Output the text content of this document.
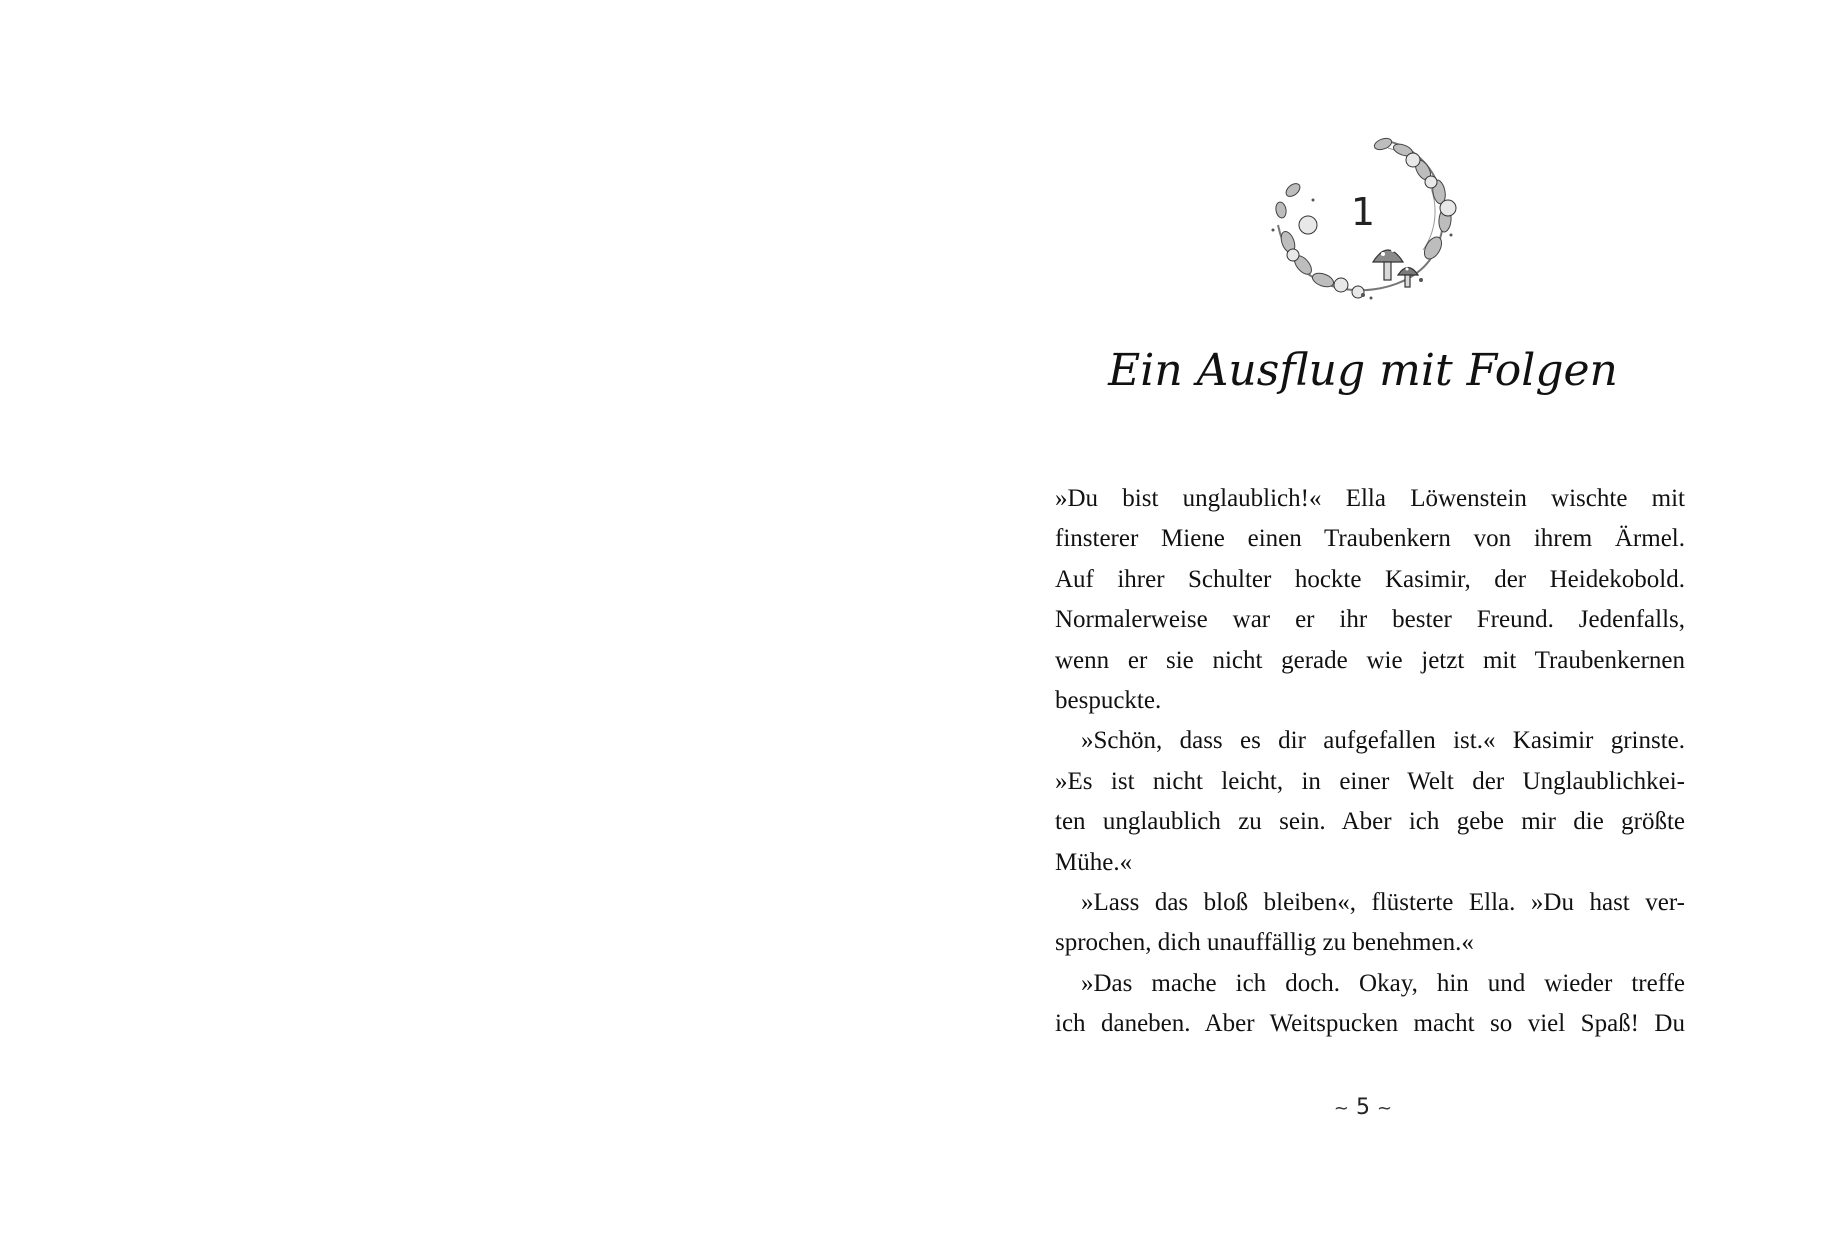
1
Ein Ausflug mit Folgen
»Du bist unglaublich!« Ella Löwenstein wischte mit
finsterer Miene einen Traubenkern von ihrem Ärmel.
Auf ihrer Schulter hockte Kasimir, der Heidekobold.
Normalerweise war er ihr bester Freund. Jedenfalls,
wenn er sie nicht gerade wie jetzt mit Traubenkernen
bespuckte.
»Schön, dass es dir aufgefallen ist.« Kasimir grinste.
»Es ist nicht leicht, in einer Welt der Unglaublichkei-
ten unglaublich zu sein. Aber ich gebe mir die größte
Mühe.«
»Lass das bloß bleiben«, flüsterte Ella. »Du hast ver-
sprochen, dich unauffällig zu benehmen.«
»Das mache ich doch. Okay, hin und wieder treffe
ich daneben. Aber Weitspucken macht so viel Spaß! Du
~ 5 ~
